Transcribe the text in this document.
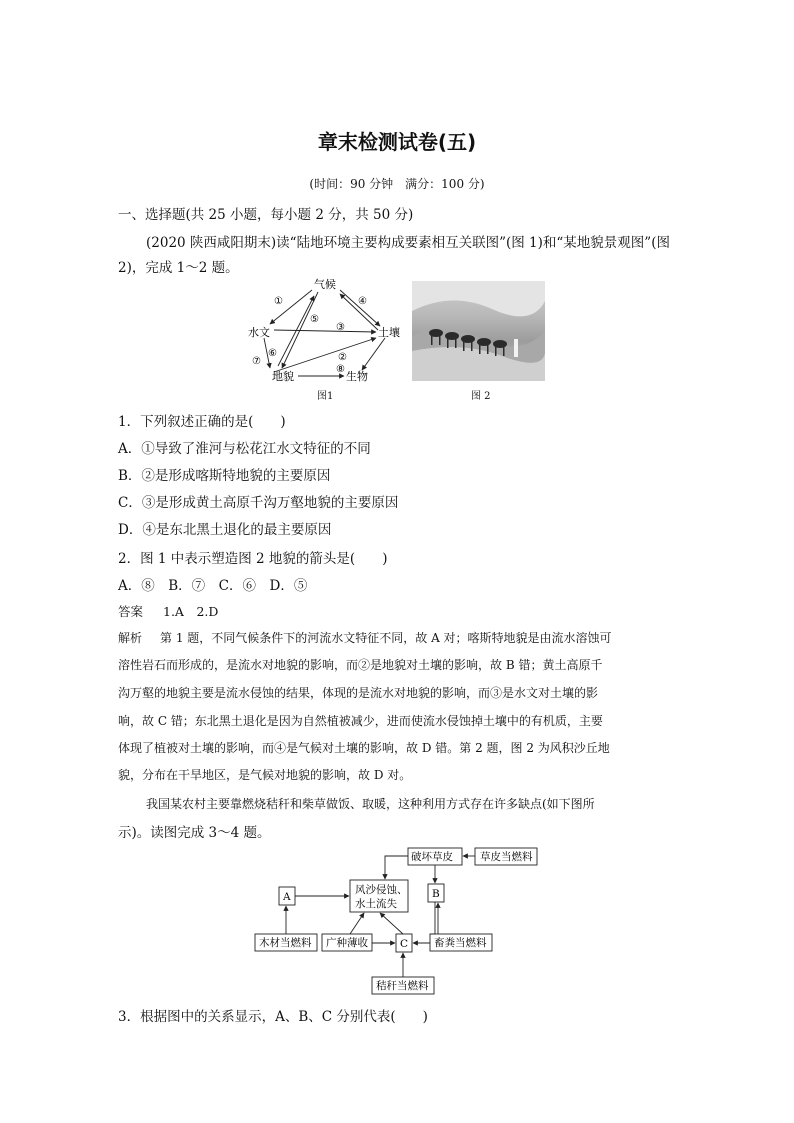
章末检测试卷(五)
(时间：90 分钟　满分：100 分)
一、选择题(共 25 小题，每小题 2 分，共 50 分)
(2020 陕西咸阳期末)读“陆地环境主要构成要素相互关联图”(图 1)和“某地貌景观图”(图
2)，完成 1～2 题。
气候
水文	土壤
地貌	生物
①
②
③
④
⑤
⑥
⑦
⑧
图1	图 2
1．下列叙述正确的是(　　)
A．①导致了淮河与松花江水文特征的不同
B．②是形成喀斯特地貌的主要原因
C．③是形成黄土高原千沟万壑地貌的主要原因
D．④是东北黑土退化的最主要原因
2．图 1 中表示塑造图 2 地貌的箭头是(　　)
A．⑧　B．⑦　C．⑥　D．⑤
答案 1.A　2.D
解析 第 1 题，不同气候条件下的河流水文特征不同，故 A 对；喀斯特地貌是由流水溶蚀可
溶性岩石而形成的，是流水对地貌的影响，而②是地貌对土壤的影响，故 B 错；黄土高原千
沟万壑的地貌主要是流水侵蚀的结果，体现的是流水对地貌的影响，而③是水文对土壤的影
响，故 C 错；东北黑土退化是因为自然植被减少，进而使流水侵蚀掉土壤中的有机质，主要
体现了植被对土壤的影响，而④是气候对土壤的影响，故 D 错。第 2 题，图 2 为风积沙丘地
貌，分布在干旱地区，是气候对地貌的影响，故 D 对。
我国某农村主要靠燃烧秸秆和柴草做饭、取暖，这种利用方式存在许多缺点(如下图所
示)。读图完成 3～4 题。
破坏草皮	草皮当燃料
风沙侵蚀、
水土流失
A	B
C
木材当燃料 广种薄收	畜粪当燃料
秸秆当燃料
3．根据图中的关系显示，A、B、C 分别代表(　　)
